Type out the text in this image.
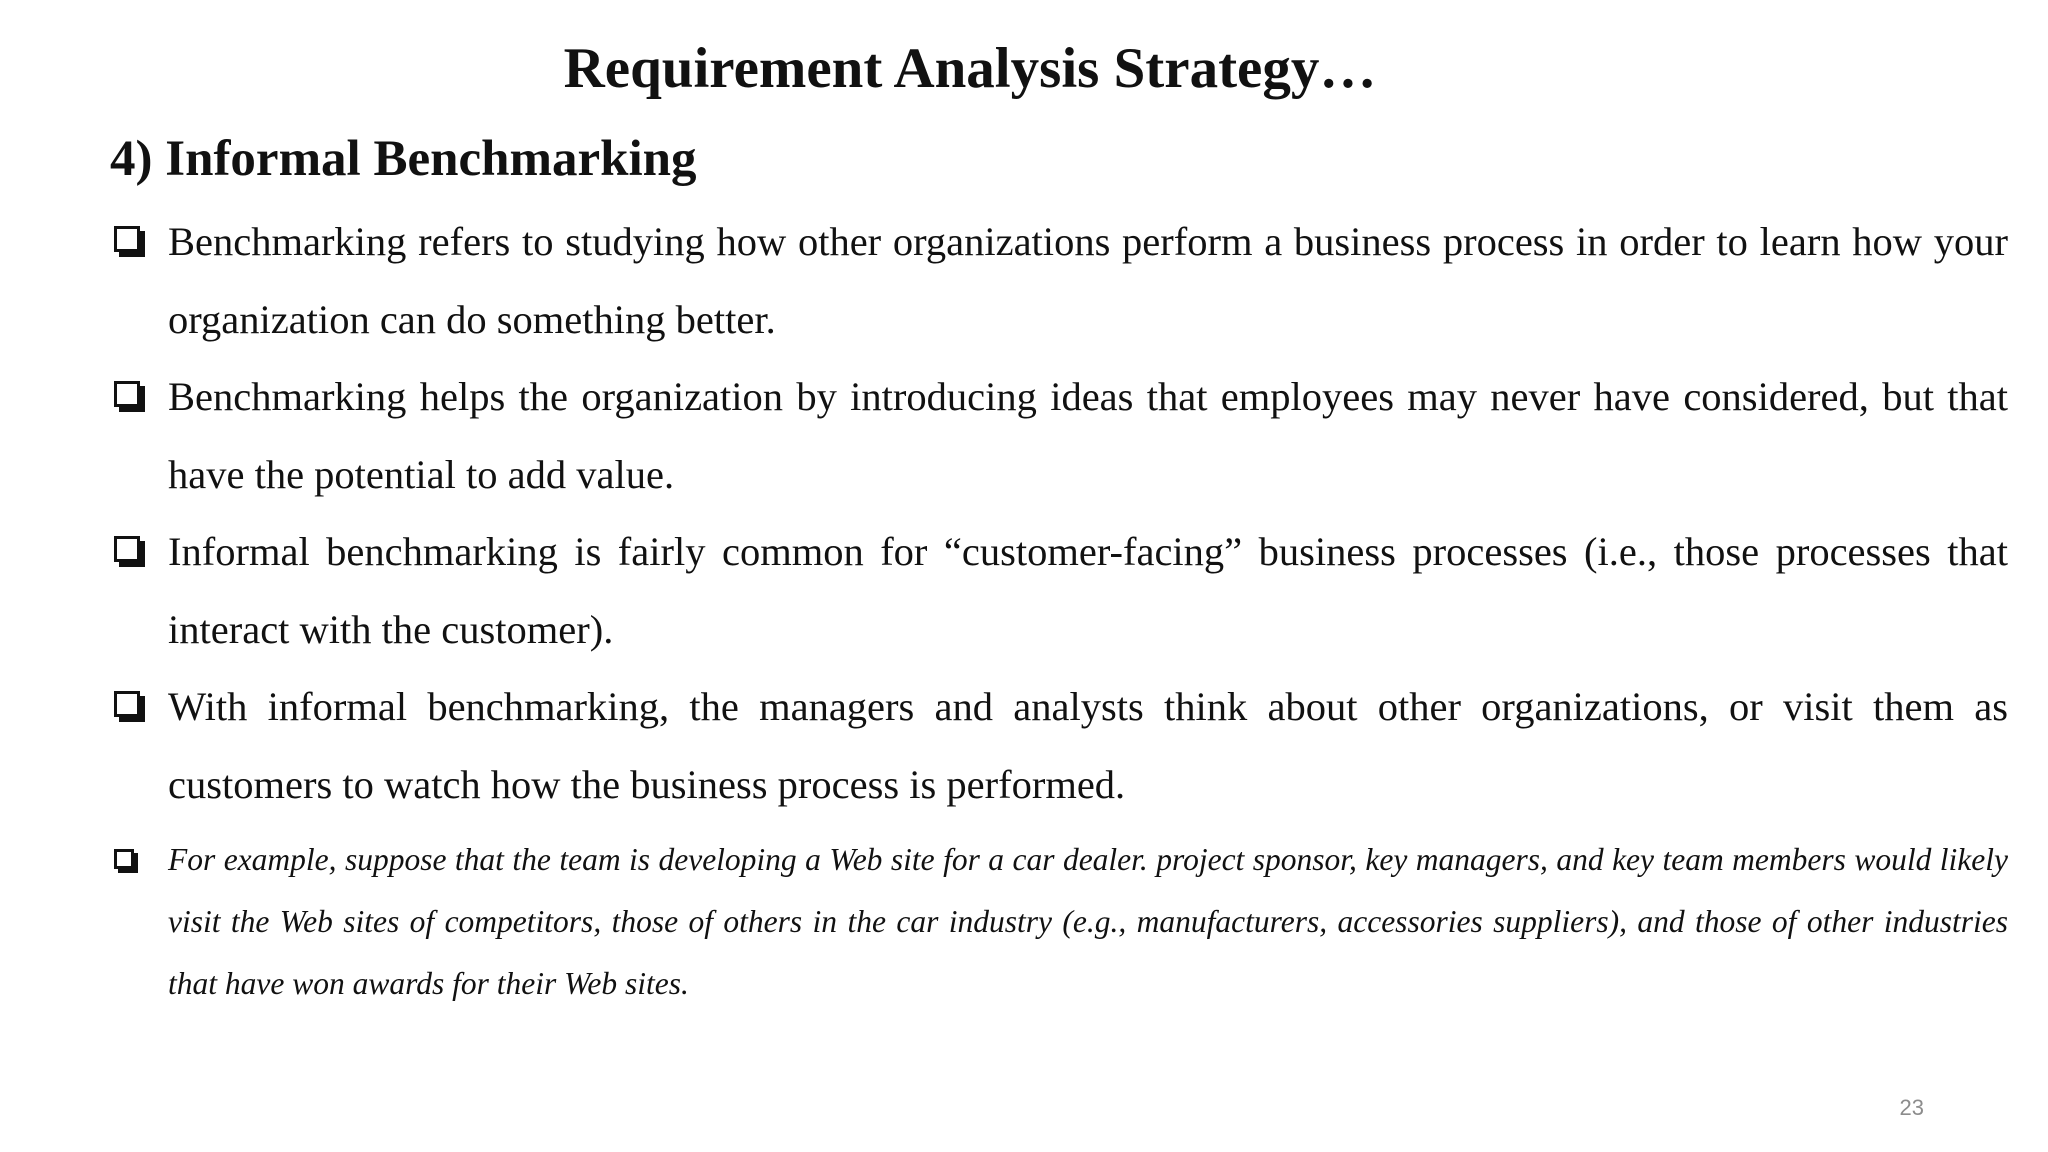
Requirement Analysis Strategy…
4) Informal Benchmarking
Benchmarking refers to studying how other organizations perform a business process in order to learn how your organization can do something better.
Benchmarking helps the organization by introducing ideas that employees may never have considered, but that have the potential to add value.
Informal benchmarking is fairly common for “customer-facing” business processes (i.e., those processes that interact with the customer).
With informal benchmarking, the managers and analysts think about other organizations, or visit them as customers to watch how the business process is performed.
For example, suppose that the team is developing a Web site for a car dealer. project sponsor, key managers, and key team members would likely visit the Web sites of competitors, those of others in the car industry (e.g., manufacturers, accessories suppliers), and those of other industries that have won awards for their Web sites.
23
